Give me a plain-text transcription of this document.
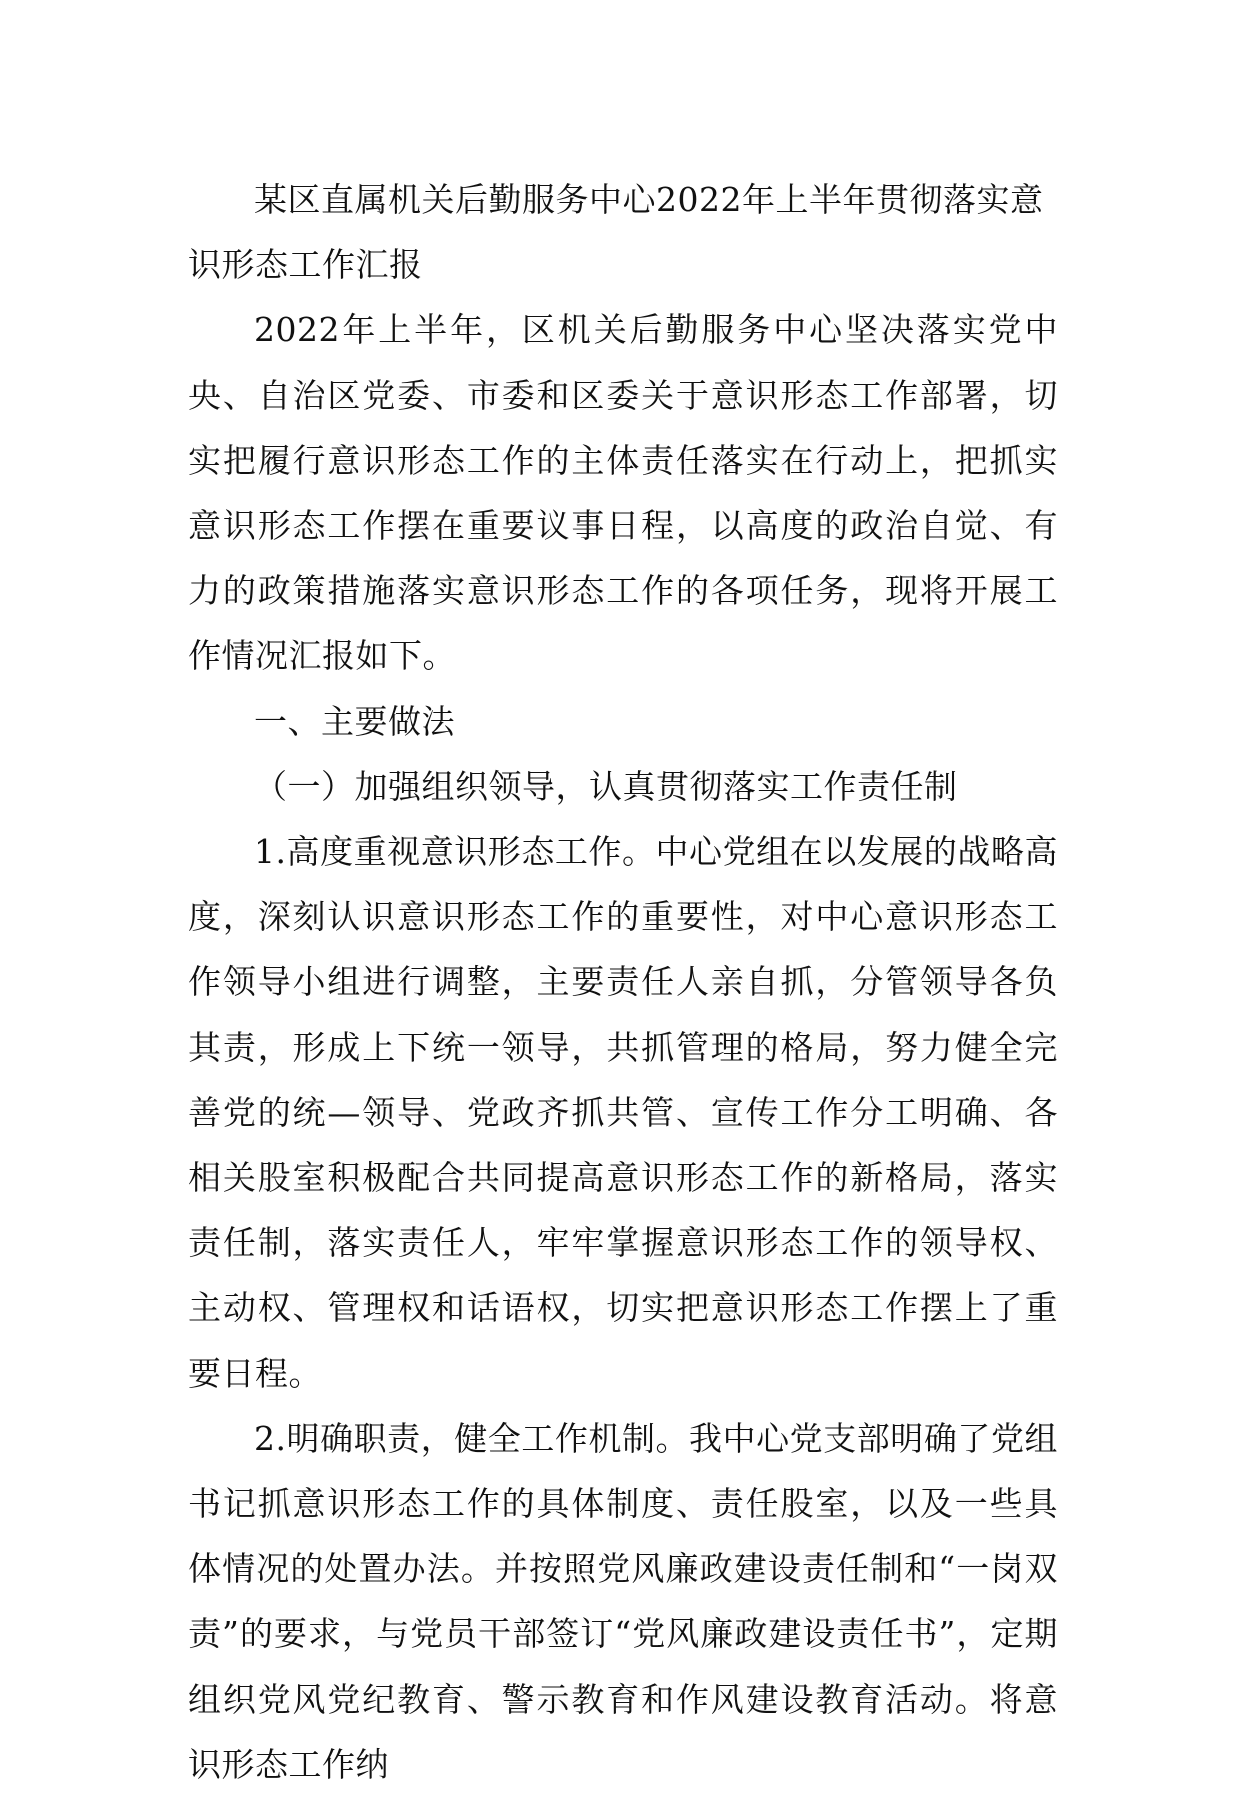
某区直属机关后勤服务中心2022年上半年贯彻落实意识形态工作汇报

2022年上半年，区机关后勤服务中心坚决落实党中央、自治区党委、市委和区委关于意识形态工作部署，切实把履行意识形态工作的主体责任落实在行动上，把抓实意识形态工作摆在重要议事日程，以高度的政治自觉、有力的政策措施落实意识形态工作的各项任务，现将开展工作情况汇报如下。

一、主要做法

（一）加强组织领导，认真贯彻落实工作责任制

1.高度重视意识形态工作。中心党组在以发展的战略高度，深刻认识意识形态工作的重要性，对中心意识形态工作领导小组进行调整，主要责任人亲自抓，分管领导各负其责，形成上下统一领导，共抓管理的格局，努力健全完善党的统—领导、党政齐抓共管、宣传工作分工明确、各相关股室积极配合共同提高意识形态工作的新格局，落实责任制，落实责任人，牢牢掌握意识形态工作的领导权、主动权、管理权和话语权，切实把意识形态工作摆上了重要日程。

2.明确职责，健全工作机制。我中心党支部明确了党组书记抓意识形态工作的具体制度、责任股室，以及一些具体情况的处置办法。并按照党风廉政建设责任制和“一岗双责”的要求，与党员干部签订“党风廉政建设责任书”，定期组织党风党纪教育、警示教育和作风建设教育活动。将意识形态工作纳
